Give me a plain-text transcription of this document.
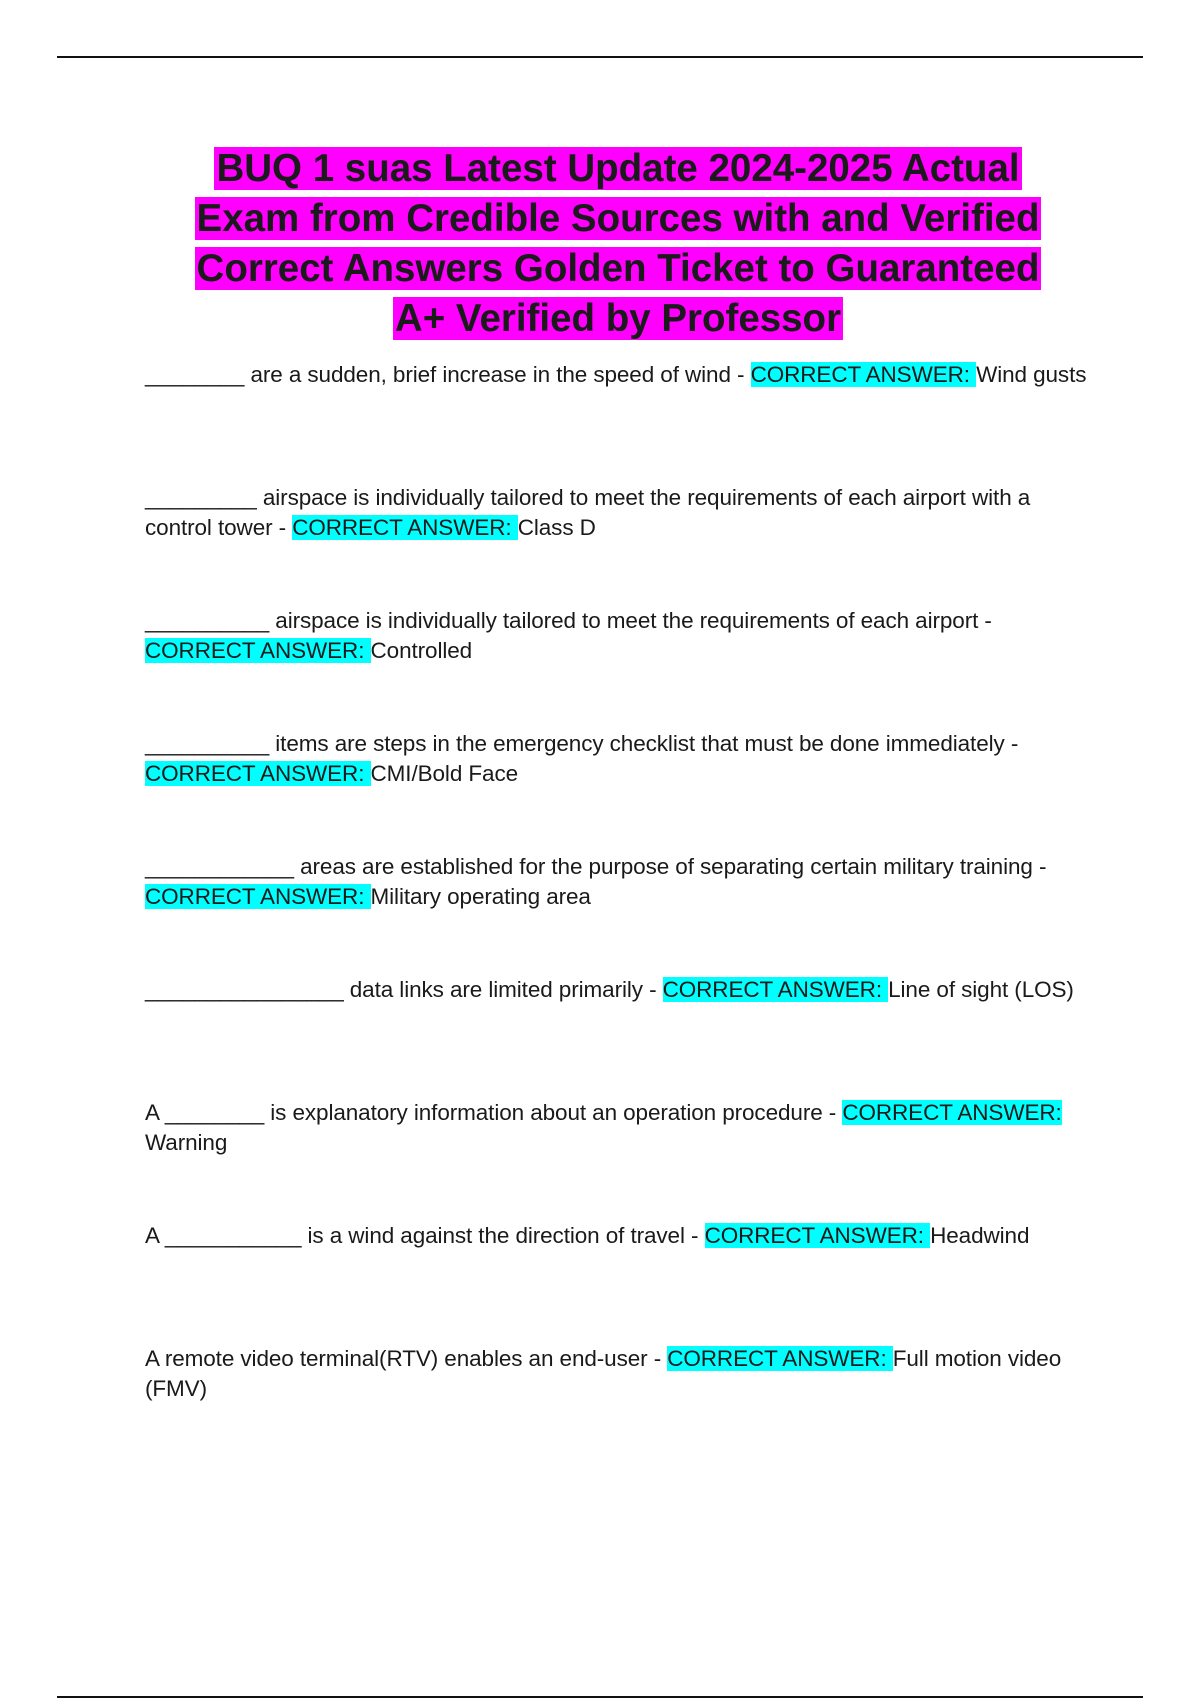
BUQ 1 suas Latest Update 2024-2025 Actual
Exam from Credible Sources with and Verified
Correct Answers Golden Ticket to Guaranteed
A+ Verified by Professor
________ are a sudden, brief increase in the speed of wind - CORRECT ANSWER: Wind gusts
_________ airspace is individually tailored to meet the requirements of each airport with a control tower - CORRECT ANSWER: Class D
__________ airspace is individually tailored to meet the requirements of each airport - CORRECT ANSWER: Controlled
__________ items are steps in the emergency checklist that must be done immediately - CORRECT ANSWER: CMI/Bold Face
____________ areas are established for the purpose of separating certain military training - CORRECT ANSWER: Military operating area
________________ data links are limited primarily - CORRECT ANSWER: Line of sight (LOS)
A ________ is explanatory information about an operation procedure - CORRECT ANSWER: Warning
A ___________ is a wind against the direction of travel - CORRECT ANSWER: Headwind
A remote video terminal(RTV) enables an end-user - CORRECT ANSWER: Full motion video (FMV)
